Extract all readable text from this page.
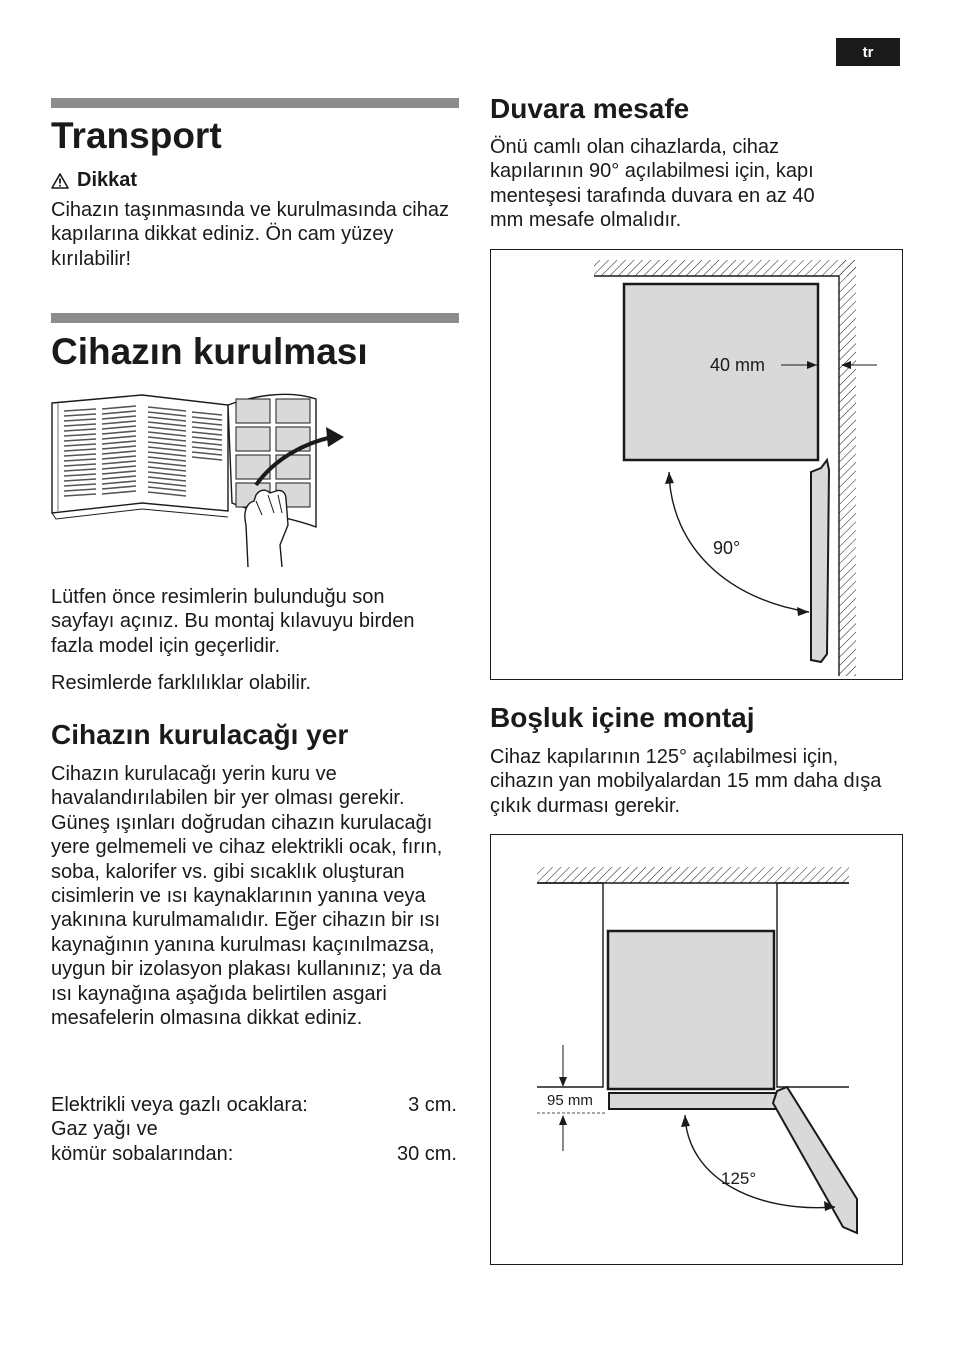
tr
Transport
Dikkat

Cihazın taşınmasında ve kurulmasında cihaz kapılarına dikkat ediniz. Ön cam yüzey kırılabilir!

Cihazın kurulması

Lütfen önce resimlerin bulunduğu son sayfayı açınız. Bu montaj kılavuyu birden fazla model için geçerlidir.

Resimlerde farklılıklar olabilir.

Cihazın kurulacağı yer

Cihazın kurulacağı yerin kuru ve havalandırılabilen bir yer olması gerekir. Güneş ışınları doğrudan cihazın kurulacağı yere gelmemeli ve cihaz elektrikli ocak, fırın, soba, kalorifer vs. gibi sıcaklık oluşturan cisimlerin ve ısı kaynaklarının yanına veya yakınına kurulmamalıdır. Eğer cihazın bir ısı kaynağının yanına kurulması kaçınılmazsa, uygun bir izolasyon plakası kullanınız; ya da ısı kaynağına aşağıda belirtilen asgari mesafelerin olmasına dikkat ediniz.

Elektrikli veya gazlı ocaklara:	3 cm.
Gaz yağı ve
kömür sobalarından:	30 cm.
Duvara mesafe

Önü camlı olan cihazlarda, cihaz kapılarının 90° açılabilmesi için, kapı menteşesi tarafında duvara en az 40 mm mesafe olmalıdır.

40 mm
90°
Boşluk içine montaj

Cihaz kapılarının 125° açılabilmesi için, cihazın yan mobilyalardan 15 mm daha dışa çıkık durması gerekir.

95 mm
125°
